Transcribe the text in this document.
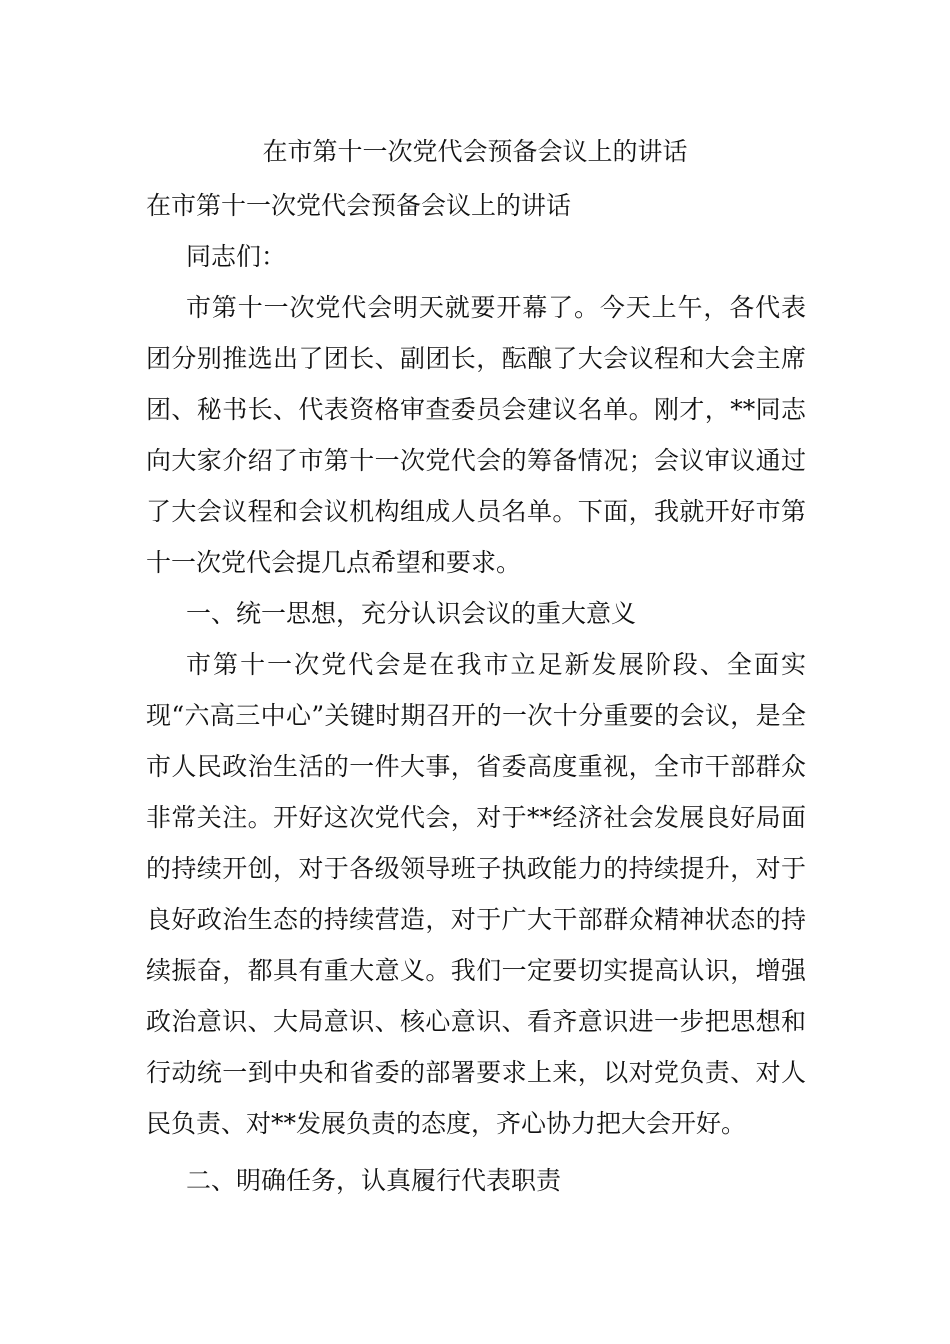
在市第十一次党代会预备会议上的讲话

在市第十一次党代会预备会议上的讲话

同志们：

市第十一次党代会明天就要开幕了。今天上午，各代表团分别推选出了团长、副团长，酝酿了大会议程和大会主席团、秘书长、代表资格审查委员会建议名单。刚才，**同志向大家介绍了市第十一次党代会的筹备情况；会议审议通过了大会议程和会议机构组成人员名单。下面，我就开好市第十一次党代会提几点希望和要求。

一、统一思想，充分认识会议的重大意义

市第十一次党代会是在我市立足新发展阶段、全面实现“六高三中心”关键时期召开的一次十分重要的会议，是全市人民政治生活的一件大事，省委高度重视，全市干部群众非常关注。开好这次党代会，对于**经济社会发展良好局面的持续开创，对于各级领导班子执政能力的持续提升，对于良好政治生态的持续营造，对于广大干部群众精神状态的持续振奋，都具有重大意义。我们一定要切实提高认识，增强政治意识、大局意识、核心意识、看齐意识进一步把思想和行动统一到中央和省委的部署要求上来，以对党负责、对人民负责、对**发展负责的态度，齐心协力把大会开好。

二、明确任务，认真履行代表职责
